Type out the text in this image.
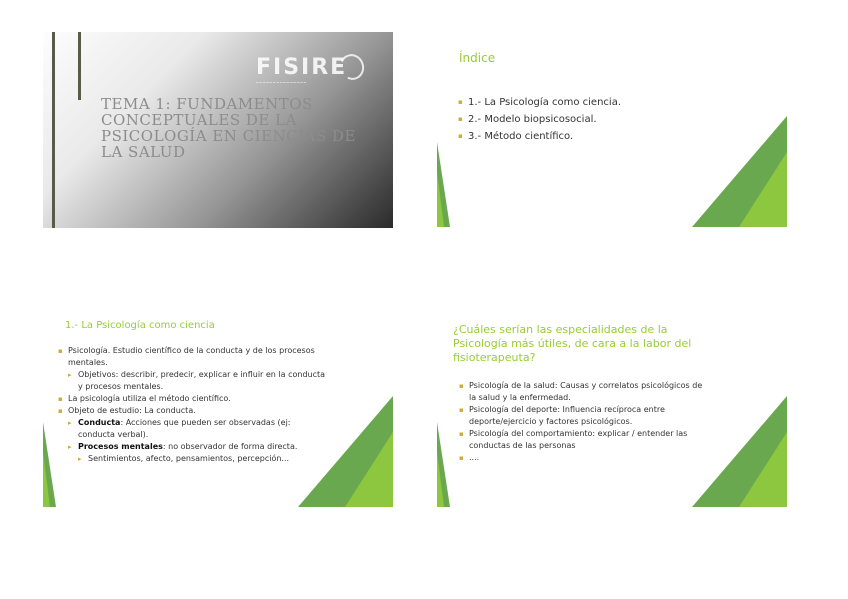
FISIRE
━━━━━━━━━━━━━━━
TEMA 1: FUNDAMENTOS CONCEPTUALES DE LA PSICOLOGÍA EN CIENCIAS DE LA SALUD
Índice
▪ 1.- La Psicología como ciencia.
▪ 2.- Modelo biopsicosocial.
▪ 3.- Método científico.
1.- La Psicología como ciencia
▪ Psicología. Estudio científico de la conducta y de los procesos mentales.
▸ Objetivos: describir, predecir, explicar e influir en la conducta y procesos mentales.
▪ La psicología utiliza el método científico.
▪ Objeto de estudio: La conducta.
▸ Conducta: Acciones que pueden ser observadas (ej: conducta verbal).
▸ Procesos mentales: no observador de forma directa.
▸ Sentimientos, afecto, pensamientos, percepción...
¿Cuáles serían las especialidades de la Psicología más útiles, de cara a la labor del fisioterapeuta?
▪ Psicología de la salud: Causas y correlatos psicológicos de la salud y la enfermedad.
▪ Psicología del deporte: Influencia recíproca entre deporte/ejercicio y factores psicológicos.
▪ Psicología del comportamiento: explicar / entender las conductas de las personas
▪ ....
